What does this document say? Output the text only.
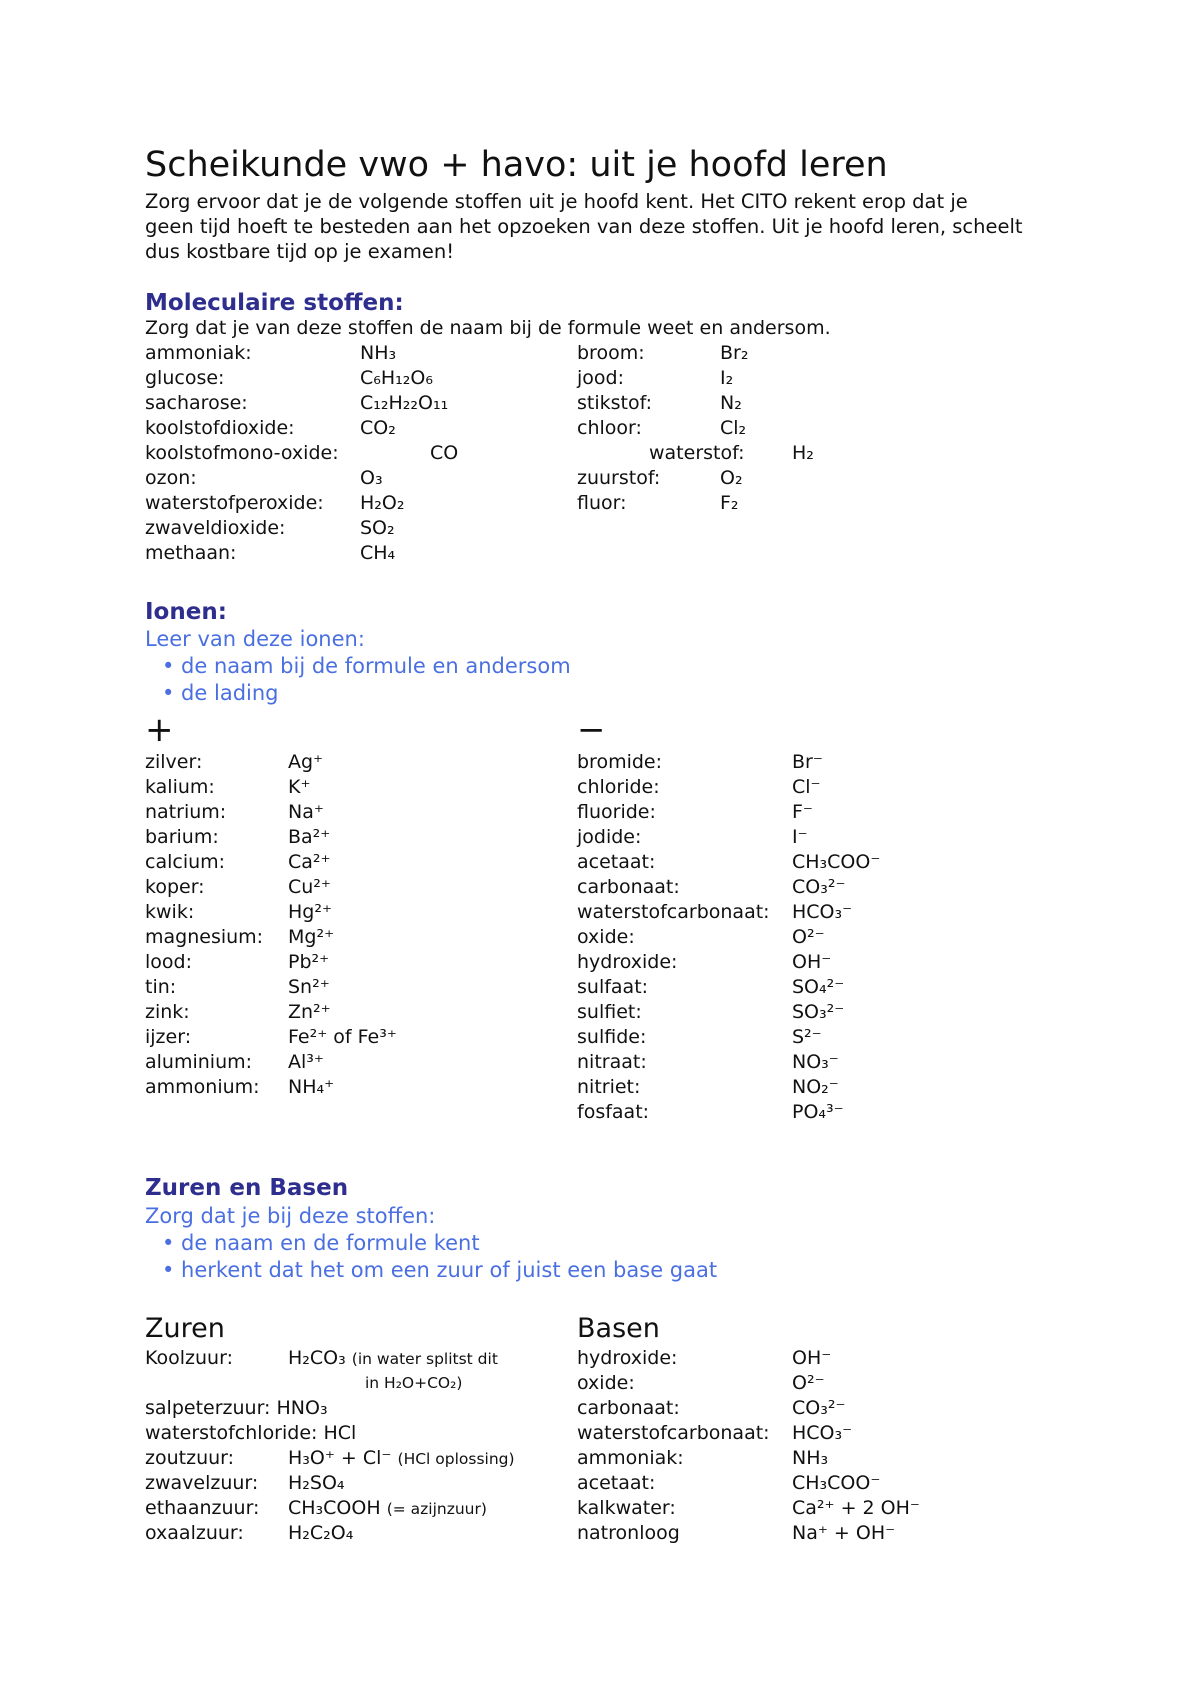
Scheikunde vwo + havo: uit je hoofd leren
Zorg ervoor dat je de volgende stoffen uit je hoofd kent. Het CITO rekent erop dat je
geen tijd hoeft te besteden aan het opzoeken van deze stoffen. Uit je hoofd leren, scheelt
dus kostbare tijd op je examen!
Moleculaire stoffen:
Zorg dat je van deze stoffen de naam bij de formule weet en andersom.
ammoniak:	NH₃
glucose:	C₆H₁₂O₆
sacharose:	C₁₂H₂₂O₁₁
koolstofdioxide:	CO₂
koolstofmono-oxide:	CO
ozon:	O₃
waterstofperoxide: H₂O₂
zwaveldioxide:	SO₂
methaan:	CH₄
broom:	Br₂
jood:	I₂
stikstof:	N₂
chloor:	Cl₂
waterstof: H₂
zuurstof:	O₂
fluor:	F₂
Ionen:
Leer van deze ionen:
• de naam bij de formule en andersom
• de lading
+	−
zilver:	Ag⁺
kalium:	K⁺
natrium:	Na⁺
barium:	Ba²⁺
calcium:	Ca²⁺
koper:	Cu²⁺
kwik:	Hg²⁺
magnesium: Mg²⁺
lood:	Pb²⁺
tin:	Sn²⁺
zink:	Zn²⁺
ijzer:	Fe²⁺ of Fe³⁺
aluminium: Al³⁺
ammonium: NH₄⁺
bromide:	Br⁻
chloride:	Cl⁻
fluoride:	F⁻
jodide:	I⁻
acetaat:	CH₃COO⁻
carbonaat:	CO₃²⁻
waterstofcarbonaat: HCO₃⁻
oxide:	O²⁻
hydroxide:	OH⁻
sulfaat:	SO₄²⁻
sulfiet:	SO₃²⁻
sulfide:	S²⁻
nitraat:	NO₃⁻
nitriet:	NO₂⁻
fosfaat:	PO₄³⁻
Zuren en Basen
Zorg dat je bij deze stoffen:
• de naam en de formule kent
• herkent dat het om een zuur of juist een base gaat
Zuren	Basen
Koolzuur:	H₂CO₃ (in water splitst dit
in H₂O+CO₂)
salpeterzuur: HNO₃
waterstofchloride: HCl
zoutzuur:	H₃O⁺ + Cl⁻ (HCl oplossing)
zwavelzuur: H₂SO₄
ethaanzuur: CH₃COOH (= azijnzuur)
oxaalzuur: H₂C₂O₄
hydroxide:	OH⁻
oxide:	O²⁻
carbonaat:	CO₃²⁻
waterstofcarbonaat: HCO₃⁻
ammoniak:	NH₃
acetaat:	CH₃COO⁻
kalkwater:	Ca²⁺ + 2 OH⁻
natronloog	Na⁺ + OH⁻
